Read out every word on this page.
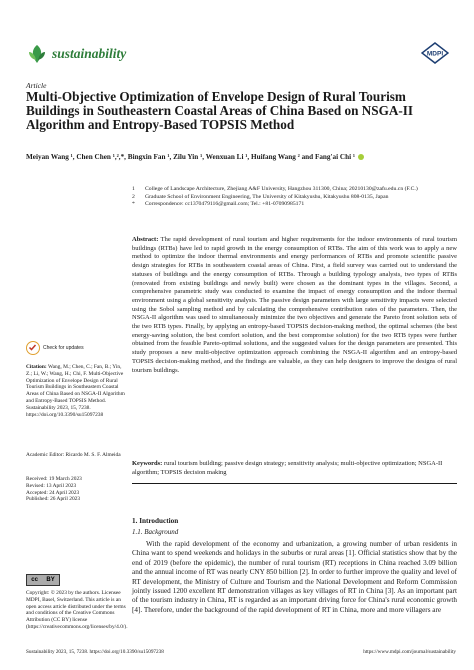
sustainability	MDPI
Article
Multi-Objective Optimization of Envelope Design of Rural Tourism Buildings in Southeastern Coastal Areas of China Based on NSGA-II Algorithm and Entropy-Based TOPSIS Method
Meiyan Wang ¹, Chen Chen ¹,²,*, Bingxin Fan ¹, Zilu Yin ¹, Wenxuan Li ¹, Huifang Wang ² and Fang'ai Chi ¹
1	College of Landscape Architecture, Zhejiang A&F University, Hangzhou 311300, China; 20210130@zafu.edu.cn (F.C.)
2	Graduate School of Environment Engineering, The University of Kitakyushu, Kitakyushu 808-0135, Japan
*	Correspondence: cc1370479116@gmail.com; Tel.: +81-07090985171
Abstract: The rapid development of rural tourism and higher requirements for the indoor environments of rural tourism buildings (RTBs) have led to rapid growth in the energy consumption of RTBs. The aim of this work was to apply a new method to optimize the indoor thermal environments and energy performances of RTBs and promote scientific passive design strategies for RTBs in southeastern coastal areas of China. First, a field survey was carried out to understand the statuses of buildings and the energy consumption of RTBs. Through a building typology analysis, two types of RTBs (renovated from existing buildings and newly built) were chosen as the dominant types in the villages. Second, a comprehensive parametric study was conducted to examine the impact of energy consumption and the indoor thermal environment using a global sensitivity analysis. The passive design parameters with large sensitivity impacts were selected using the Sobol sampling method and by calculating the comprehensive contribution rates of the parameters. Then, the NSGA-II algorithm was used to simultaneously minimize the two objectives and generate the Pareto front solution sets of the two RTB types. Finally, by applying an entropy-based TOPSIS decision-making method, the optimal schemes (the best energy-saving solution, the best comfort solution, and the best compromise solution) for the two RTB types were further obtained from the feasible Pareto-optimal solutions, and the suggested values for the design parameters are presented. This study proposes a new multi-objective optimization approach combining the NSGA-II algorithm and an entropy-based TOPSIS decision-making method, and the findings are valuable, as they can help designers to improve the designs of rural tourism buildings.
Keywords: rural tourism building; passive design strategy; sensitivity analysis; multi-objective optimization; NSGA-II algorithm; TOPSIS decision making
Check for updates
Citation: Wang, M.; Chen, C.; Fan, B.; Yin, Z.; Li, W.; Wang, H.; Chi, F. Multi-Objective Optimization of Envelope Design of Rural Tourism Buildings in Southeastern Coastal Areas of China Based on NSGA-II Algorithm and Entropy-Based TOPSIS Method. Sustainability 2023, 15, 7238. https://doi.org/10.3390/su15097238
Academic Editor: Ricardo M. S. F. Almeida
Received: 19 March 2023
Revised: 13 April 2023
Accepted: 24 April 2023
Published: 26 April 2023
cc BY
Copyright: © 2023 by the authors. Licensee MDPI, Basel, Switzerland. This article is an open access article distributed under the terms and conditions of the Creative Commons Attribution (CC BY) license (https://creativecommons.org/licenses/by/4.0/).
1. Introduction
1.1. Background
With the rapid development of the economy and urbanization, a growing number of urban residents in China want to spend weekends and holidays in the suburbs or rural areas [1]. Official statistics show that by the end of 2019 (before the epidemic), the number of rural tourism (RT) receptions in China reached 3.09 billion and the annual income of RT was nearly CNY 850 billion [2]. In order to further improve the quality and level of RT development, the Ministry of Culture and Tourism and the National Development and Reform Commission jointly issued 1200 excellent RT demonstration villages as key villages of RT in China [3]. As an important part of the tourism industry in China, RT is regarded as an important driving force for China's rural economic growth [4]. Therefore, under the background of the rapid development of RT in China, more and more villagers are
Sustainability 2023, 15, 7238. https://doi.org/10.3390/su15097238	https://www.mdpi.com/journal/sustainability
